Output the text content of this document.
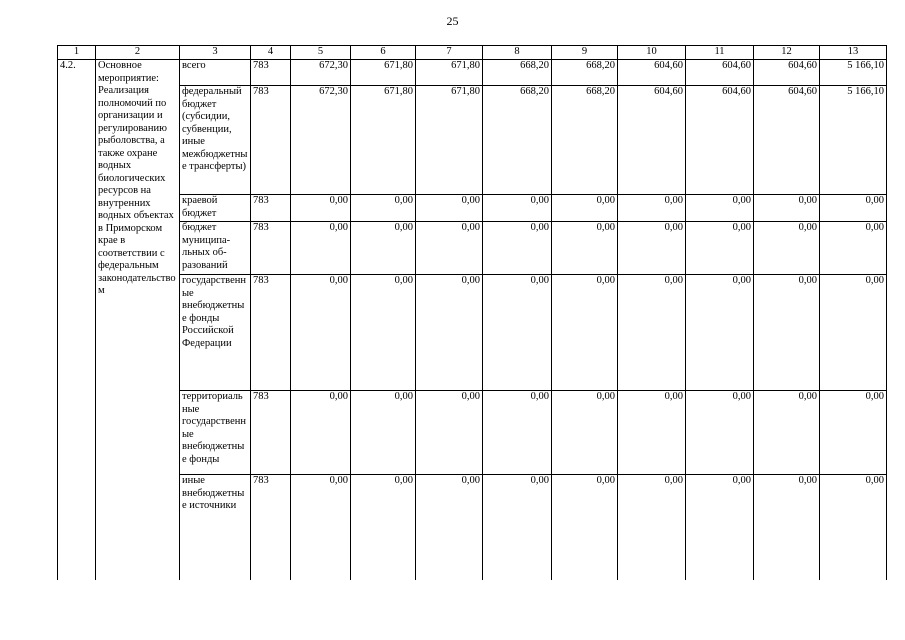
25
1	2	3	4	5	6	7	8	9	10	11	12	13
4.2.	Основное мероприятие: Реализация полномочий по организации и регулированию рыболовства, а также охране водных биологических ресурсов на внутренних водных объектах в Приморском крае в соответствии с федеральным законодательством	всего	783	672,30	671,80	671,80	668,20	668,20	604,60	604,60	604,60	5 166,10
		федеральный бюджет (субсидии, субвенции, иные межбюджетные трансферты)	783	672,30	671,80	671,80	668,20	668,20	604,60	604,60	604,60	5 166,10
		краевой бюджет	783	0,00	0,00	0,00	0,00	0,00	0,00	0,00	0,00	0,00
		бюджет муниципальных образований	783	0,00	0,00	0,00	0,00	0,00	0,00	0,00	0,00	0,00
		государственные внебюджетные фонды Российской Федерации	783	0,00	0,00	0,00	0,00	0,00	0,00	0,00	0,00	0,00
		территориальные государственные внебюджетные фонды	783	0,00	0,00	0,00	0,00	0,00	0,00	0,00	0,00	0,00
		иные внебюджетные источники	783	0,00	0,00	0,00	0,00	0,00	0,00	0,00	0,00	0,00
